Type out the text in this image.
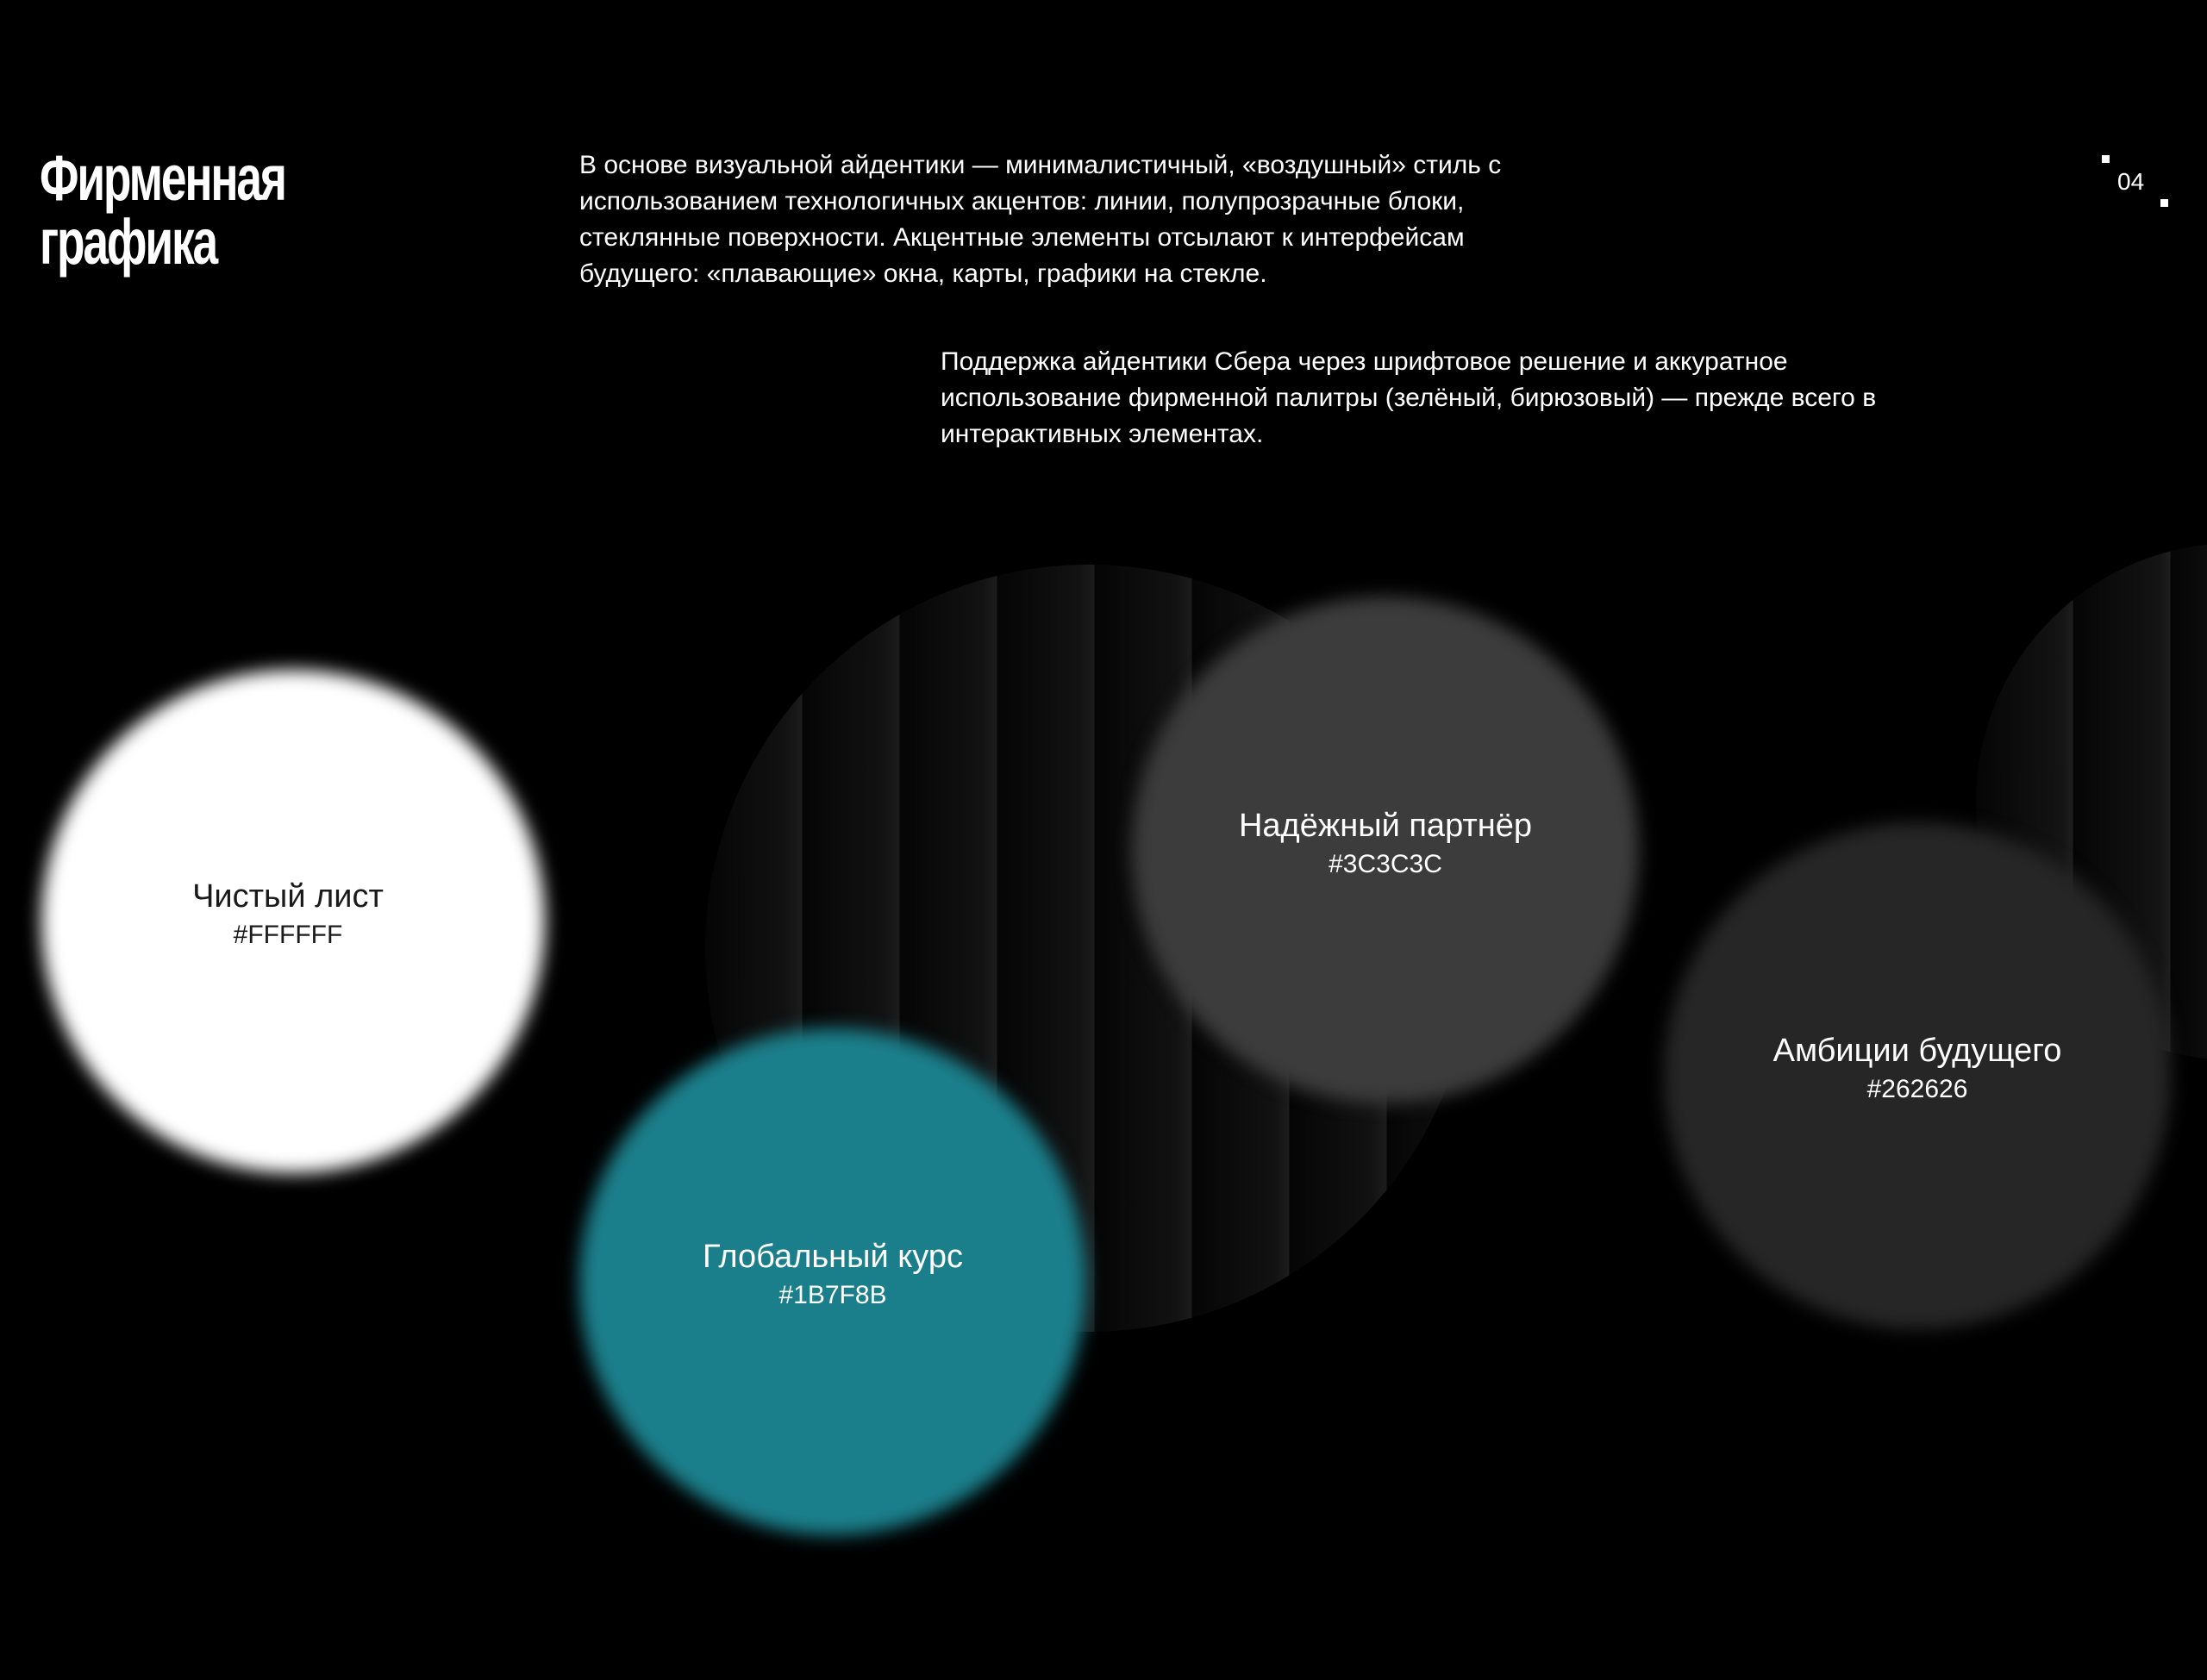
Фирменная
графика

В основе визуальной айдентики — минималистичный, «воздушный» стиль с использованием технологичных акцентов: линии, полупрозрачные блоки, стеклянные поверхности. Акцентные элементы отсылают к интерфейсам будущего: «плавающие» окна, карты, графики на стекле.

Поддержка айдентики Сбера через шрифтовое решение и аккуратное использование фирменной палитры (зелёный, бирюзовый) — прежде всего в интерактивных элементах.

04
Чистый лист
#FFFFFF
Надёжный партнёр
#3C3C3C
Амбиции будущего
#262626
Глобальный курс
#1B7F8B
